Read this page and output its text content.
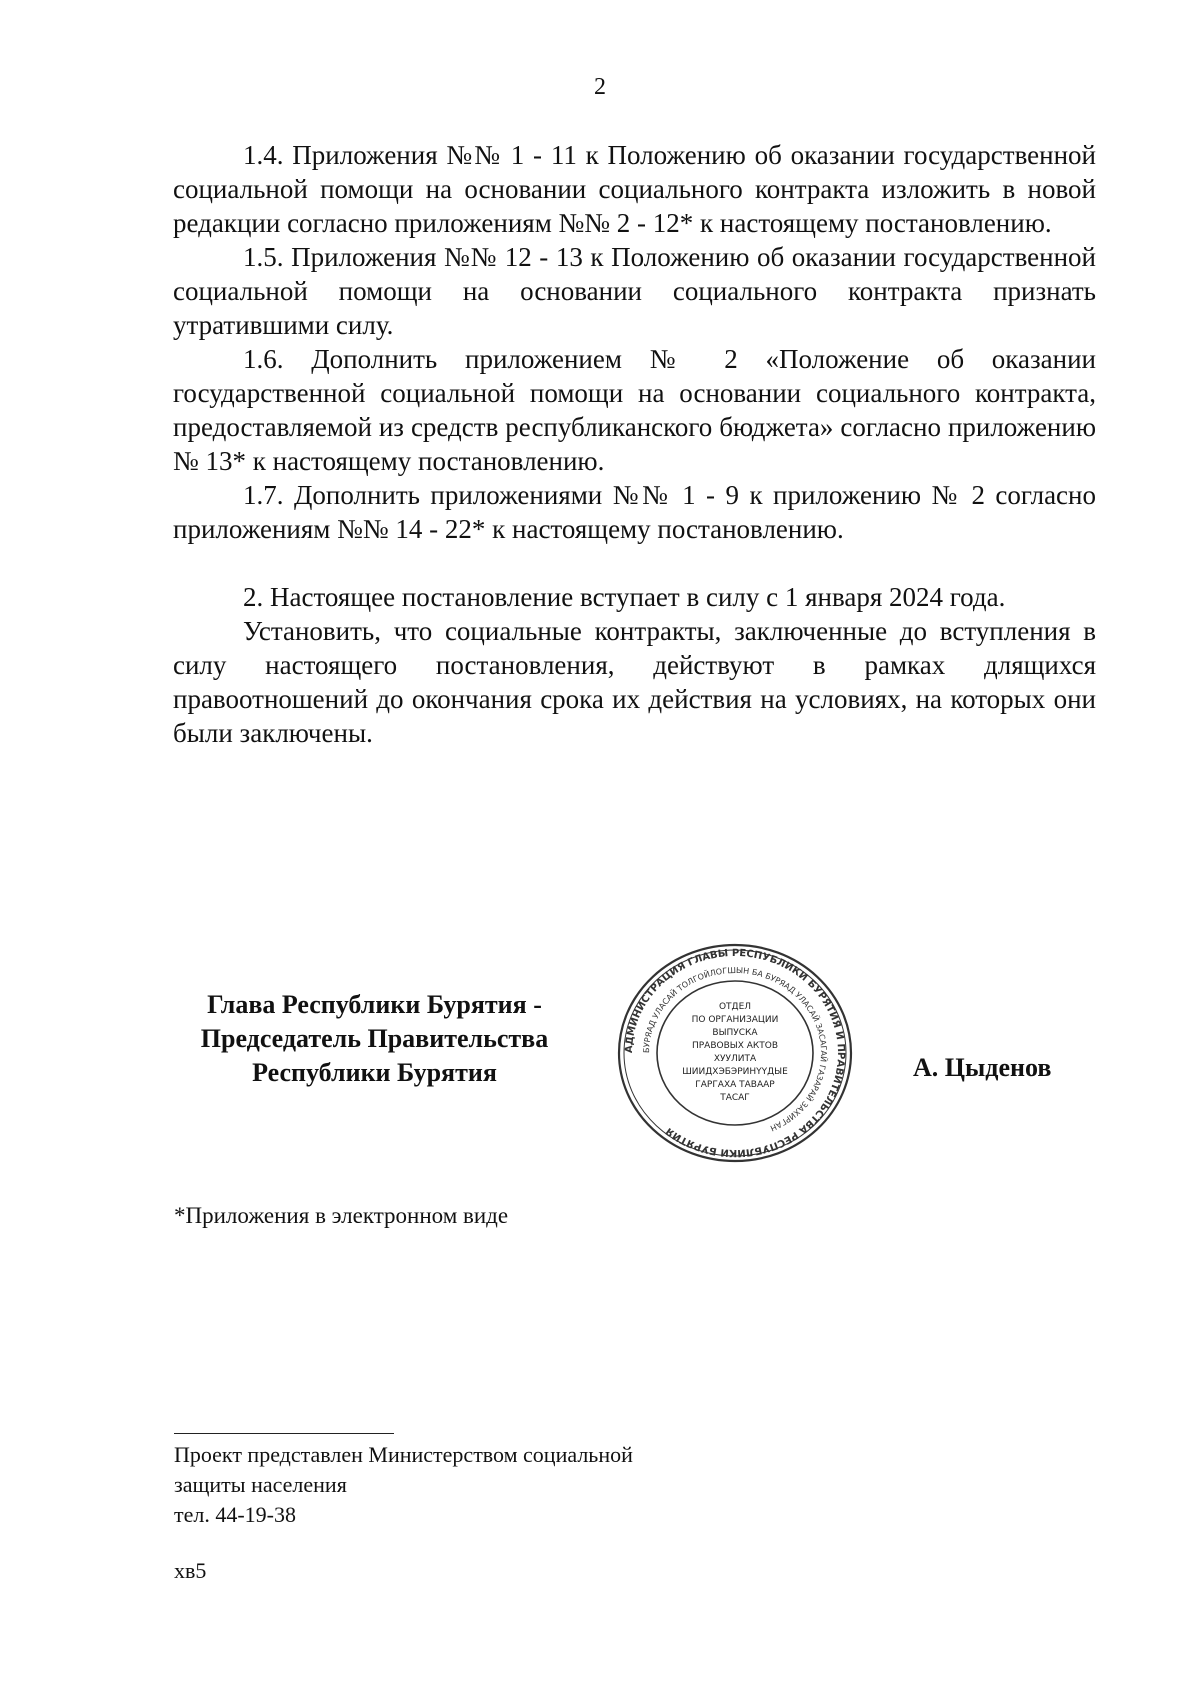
2

1.4. Приложения №№ 1 - 11 к Положению об оказании государственной социальной помощи на основании социального контракта изложить в новой редакции согласно приложениям №№ 2 - 12* к настоящему постановлению.

1.5. Приложения №№ 12 - 13 к Положению об оказании государственной социальной помощи на основании социального контракта признать утратившими силу.

1.6. Дополнить приложением № 2 «Положение об оказании государственной социальной помощи на основании социального контракта, предоставляемой из средств республиканского бюджета» согласно приложению № 13* к настоящему постановлению.

1.7. Дополнить приложениями №№ 1 - 9 к приложению № 2 согласно приложениям №№ 14 - 22* к настоящему постановлению.

2. Настоящее постановление вступает в силу с 1 января 2024 года.

Установить, что социальные контракты, заключенные до вступления в силу настоящего постановления, действуют в рамках длящихся правоотношений до окончания срока их действия на условиях, на которых они были заключены.

Глава Республики Бурятия -
Председатель Правительства
Республики Бурятия
АДМИНИСТРАЦИЯ ГЛАВЫ РЕСПУБЛИКИ БУРЯТИЯ И ПРАВИТЕЛЬСТВА РЕСПУБЛИКИ БУРЯТИЯ
БУРЯАД УЛАСАЙ ТОЛГОЙЛОГШЫН БА БУРЯАД УЛАСАЙ ЗАСАГАЙ ГАЗАРАЙ ЗАХИРГАН
ОТДЕЛ
ПО ОРГАНИЗАЦИИ
ВЫПУСКА
ПРАВОВЫХ АКТОВ
ХУУЛИТА
ШИИДХЭБЭРИНҮҮДЫЕ
ГАРГАХА ТАВААР
ТАСАГ
А. Цыденов
*Приложения в электронном виде
Проект представлен Министерством социальной
защиты населения
тел. 44-19-38
хв5
